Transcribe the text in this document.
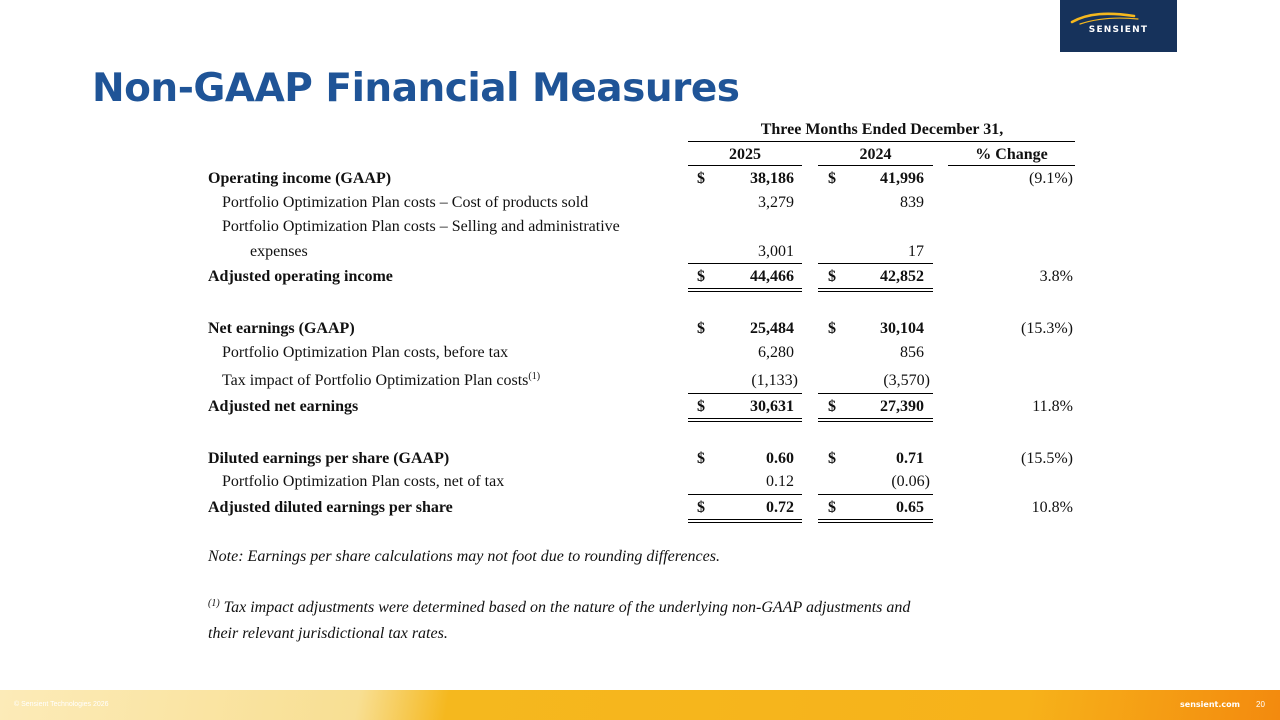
SENSIENT
Non-GAAP Financial Measures
Three Months Ended December 31,
2025	2024	% Change
Operating income (GAAP)	$	38,186 $	41,996	(9.1%)
Portfolio Optimization Plan costs – Cost of products sold	3,279	839
Portfolio Optimization Plan costs – Selling and administrative
expenses	3,001	17
Adjusted operating income	$	44,466 $	42,852	3.8%
Net earnings (GAAP)	$	25,484 $	30,104	(15.3%)
Portfolio Optimization Plan costs, before tax	6,280	856
Tax impact of Portfolio Optimization Plan costs$^{(1)}$	(1,133)	(3,570)
Adjusted net earnings	$	30,631 $	27,390	11.8%
Diluted earnings per share (GAAP)	$	0.60 $	0.71	(15.5%)
Portfolio Optimization Plan costs, net of tax	0.12	(0.06)
Adjusted diluted earnings per share	$	0.72 $	0.65	10.8%
Note: Earnings per share calculations may not foot due to rounding differences.
$^{(1)}$ Tax impact adjustments were determined based on the nature of the underlying non-GAAP adjustments and
their relevant jurisdictional tax rates.
© Sensient Technologies 2026	sensient.com 20
